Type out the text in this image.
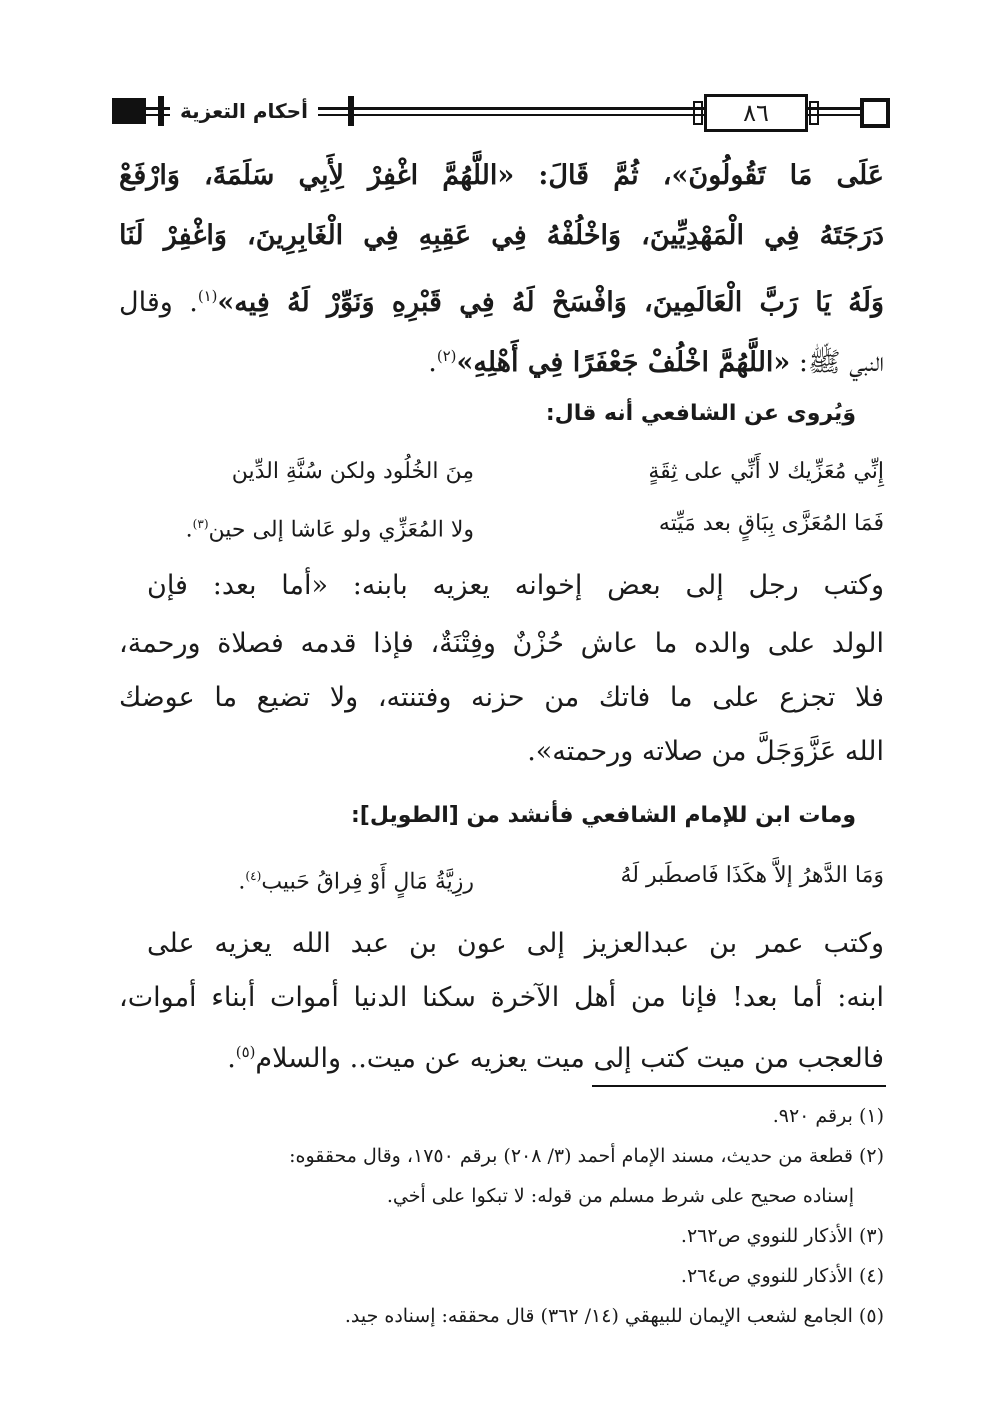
أحكام التعزية	٨٦
عَلَى مَا تَقُولُونَ»، ثُمَّ قَالَ: «اللَّهُمَّ اغْفِرْ لِأَبِي سَلَمَةَ، وَارْفَعْ
دَرَجَتَهُ فِي الْمَهْدِيِّينَ، وَاخْلُفْهُ فِي عَقِبِهِ فِي الْغَابِرِينَ، وَاغْفِرْ لَنَا
وَلَهُ يَا رَبَّ الْعَالَمِينَ، وَافْسَحْ لَهُ فِي قَبْرِهِ وَنَوِّرْ لَهُ فِيه»$^{(١)}$. وقال
النبي ﷺ: «اللَّهُمَّ اخْلُفْ جَعْفَرًا فِي أَهْلِهِ»$^{(٢)}$.
وَيُروى عن الشافعي أنه قال:
إِنِّي مُعَزِّيك لا أَنِّي على ثِقَةٍ
مِنَ الخُلُود ولكن سُنَّةِ الدِّين
فَمَا المُعَزَّى بِبَاقٍ بعد مَيِّته
ولا المُعَزِّي ولو عَاشا إلى حين$^{(٣)}$.
وكتب رجل إلى بعض إخوانه يعزيه بابنه: «أما بعد: فإن
الولد على والده ما عاش حُزْنٌ وفِتْنَةٌ، فإذا قدمه فصلاة ورحمة،
فلا تجزع على ما فاتك من حزنه وفتنته، ولا تضيع ما عوضك
الله عَزَّوَجَلَّ من صلاته ورحمته».
ومات ابن للإمام الشافعي فأنشد من [الطويل]:
وَمَا الدَّهرُ إلاَّ هكَذَا فَاصطَبر لَهُ
رزِيَّةُ مَالٍ أَوْ فِراقُ حَبيب$^{(٤)}$.
وكتب عمر بن عبدالعزيز إلى عون بن عبد الله يعزيه على
ابنه: أما بعد! فإنا من أهل الآخرة سكنا الدنيا أموات أبناء أموات،
فالعجب من ميت كتب إلى ميت يعزيه عن ميت.. والسلام$^{(٥)}$.
(١) برقم ٩٢٠.
(٢) قطعة من حديث، مسند الإمام أحمد (٣/ ٢٠٨) برقم ١٧٥٠، وقال محققوه:
إسناده صحيح على شرط مسلم من قوله: لا تبكوا على أخي.
(٣) الأذكار للنووي ص٢٦٢.
(٤) الأذكار للنووي ص٢٦٤.
(٥) الجامع لشعب الإيمان للبيهقي (١٤/ ٣٦٢) قال محققه: إسناده جيد.
